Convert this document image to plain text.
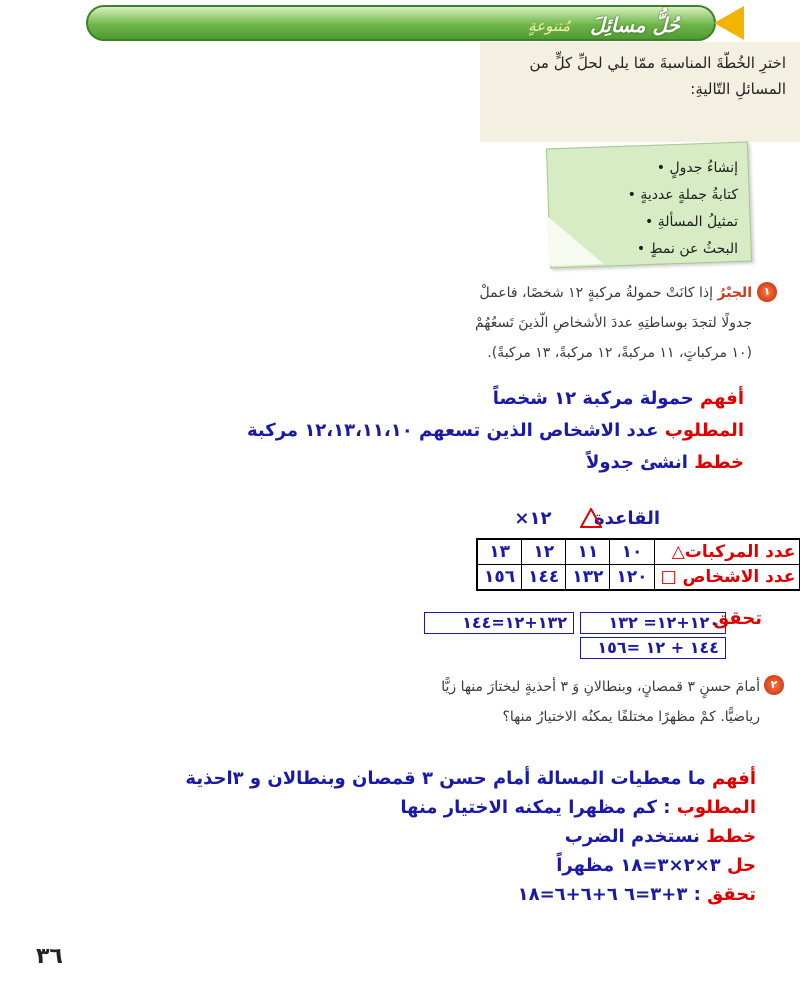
حُلُّ مسائِلَ
مُتنوعةٍ
اخترِ الخُطّةَ المناسبةَ ممّا يلي لحلِّ كلٍّ من المسائلِ التّاليةِ:
إنشاءُ جدولٍ •
كتابةُ جملةٍ عدديةٍ •
تمثيلُ المسألةِ •
البحثُ عن نمطٍ •
١
الجبْرُ إذا كانَتْ حمولةُ مركبةٍ ١٢ شخصًا، فاعملْ جدولًا لتجدَ بوساطتِهِ عددَ الأشخاصِ الّذينَ تَسعُهُمْ (١٠ مركباتٍ، ١١ مركبةً، ١٢ مركبةً، ١٣ مركبةً).
أفهم حمولة مركبة ١٢ شخصاً
المطلوب عدد الاشخاص الذين تسعهم ١٢،١٣،١١،١٠ مركبة
خطط انشئ جدولاً
القاعدة  ١٢×
عدد المركبات△	١٠	١١	١٢	١٣
عدد الاشخاص □	١٢٠	١٣٢	١٤٤	١٥٦
تحقق
١٢٠+١٢= ١٣٢
١٣٢+١٢=١٤٤
١٤٤ + ١٢ =١٥٦
٢
أمامَ حسنٍ ٣ قمصانٍ، وبنطالانِ وَ ٣ أحذيةٍ ليختارَ منها زيًّا رياضيًّا. كمْ مظهرًا مختلفًا يمكنُه الاختيارُ منها؟
أفهم ما معطيات المسالة أمام حسن ٣ قمصان وبنطالان و ٣احذية
المطلوب : كم مظهرا يمكنه الاختيار منها
خطط نستخدم الضرب
حل ٣×٢×٣=١٨ مظهراً
تحقق : ٣+٣=٦ ٦+٦+٦=١٨
٣٦
